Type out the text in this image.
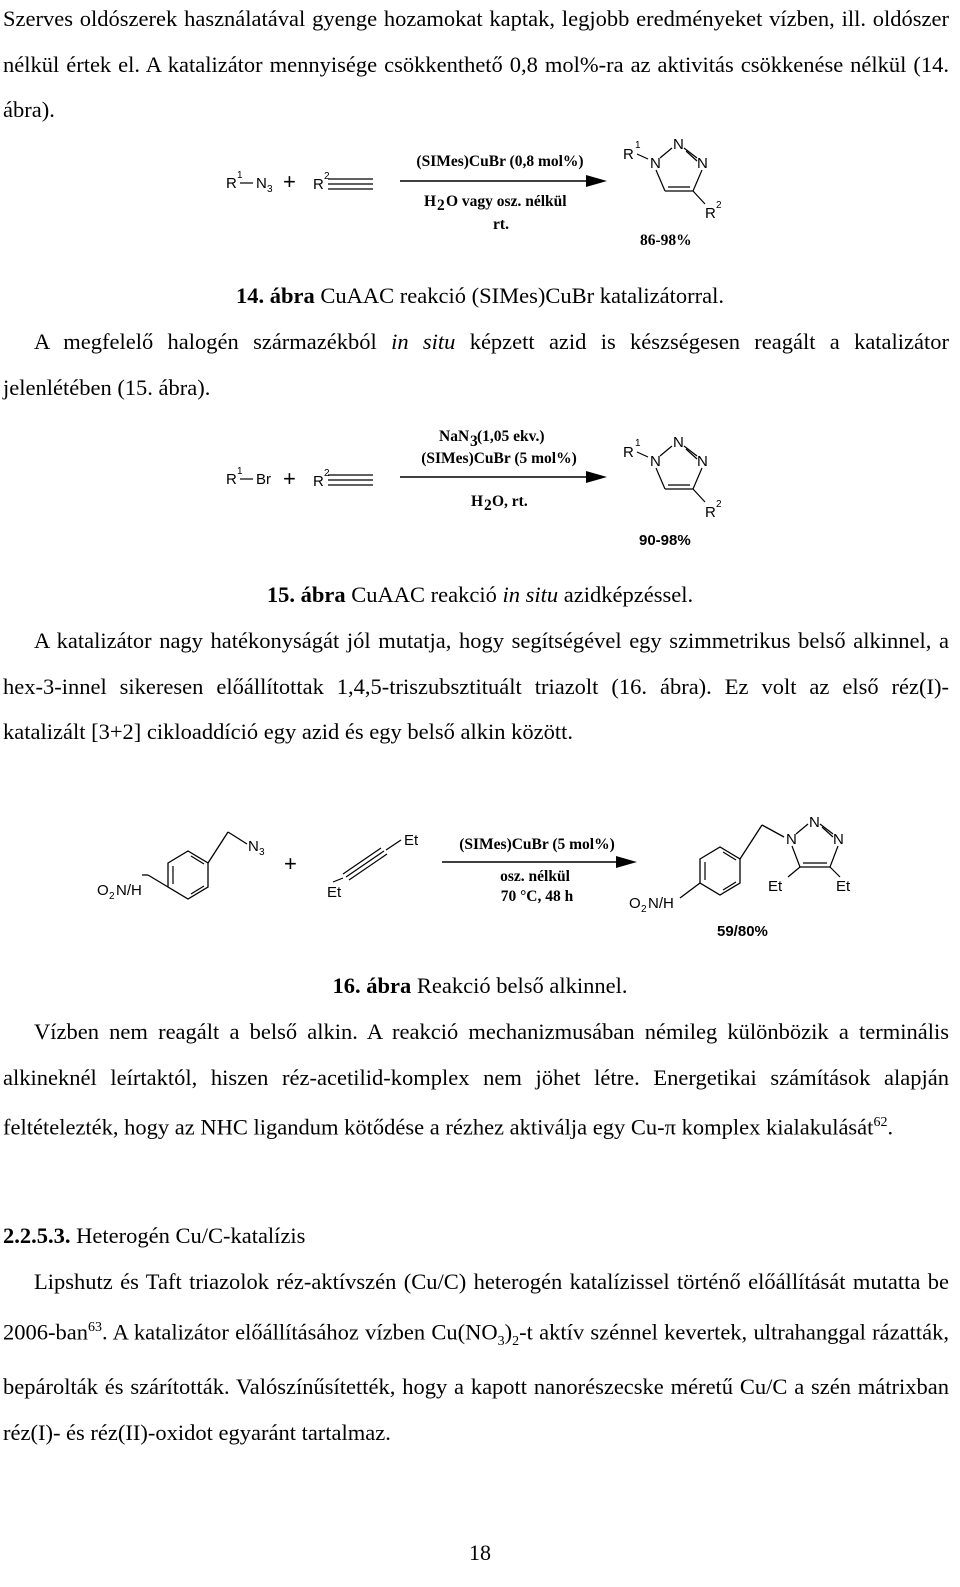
Szerves oldószerek használatával gyenge hozamokat kaptak, legjobb eredményeket vízben, ill. oldószer nélkül értek el. A katalizátor mennyisége csökkenthető 0,8 mol%-ra az aktivitás csökkenése nélkül (14. ábra).

R 1 N 3 + R 2
(SIMes)CuBr (0,8 mol%)
H 2 O vagy osz. nélkül
rt.
R
1
N
N
N
R 2
86-98%

14. ábra CuAAC reakció (SIMes)CuBr katalizátorral.

A megfelelő halogén származékból in situ képzett azid is készségesen reagált a katalizátor jelenlétében (15. ábra).

R 1 Br + R 2
NaN 3 (1,05 ekv.)
(SIMes)CuBr (5 mol%)
H 2 O, rt.
R
1
N
N
N
R 2
90-98%

15. ábra CuAAC reakció in situ azidképzéssel.

A katalizátor nagy hatékonyságát jól mutatja, hogy segítségével egy szimmetrikus belső alkinnel, a hex-3-innel sikeresen előállítottak 1,4,5-triszubsztituált triazolt (16. ábra). Ez volt az első réz(I)-katalizált [3+2] cikloaddíció egy azid és egy belső alkin között.

N 3
O 2 N/H
+
Et
Et
(SIMes)CuBr (5 mol%)
osz. nélkül
70 °C, 48 h	O 2 N/H
N
N
N
Et	Et
59/80%

16. ábra Reakció belső alkinnel.

Vízben nem reagált a belső alkin. A reakció mechanizmusában némileg különbözik a terminális alkineknél leírtaktól, hiszen réz-acetilid-komplex nem jöhet létre. Energetikai számítások alapján feltételezték, hogy az NHC ligandum kötődése a rézhez aktiválja egy Cu-π komplex kialakulását$^{62}$.

2.2.5.3. Heterogén Cu/C-katalízis

Lipshutz és Taft triazolok réz-aktívszén (Cu/C) heterogén katalízissel történő előállítását mutatta be 2006-ban$^{63}$. A katalizátor előállításához vízben $Cu(NO_3)_2-t$ aktív szénnel kevertek, ultrahanggal rázatták, bepárolták és szárították. Valószínűsítették, hogy a kapott nanorészecske méretű Cu/C a szén mátrixban réz(I)- és réz(II)-oxidot egyaránt tartalmaz.

18
